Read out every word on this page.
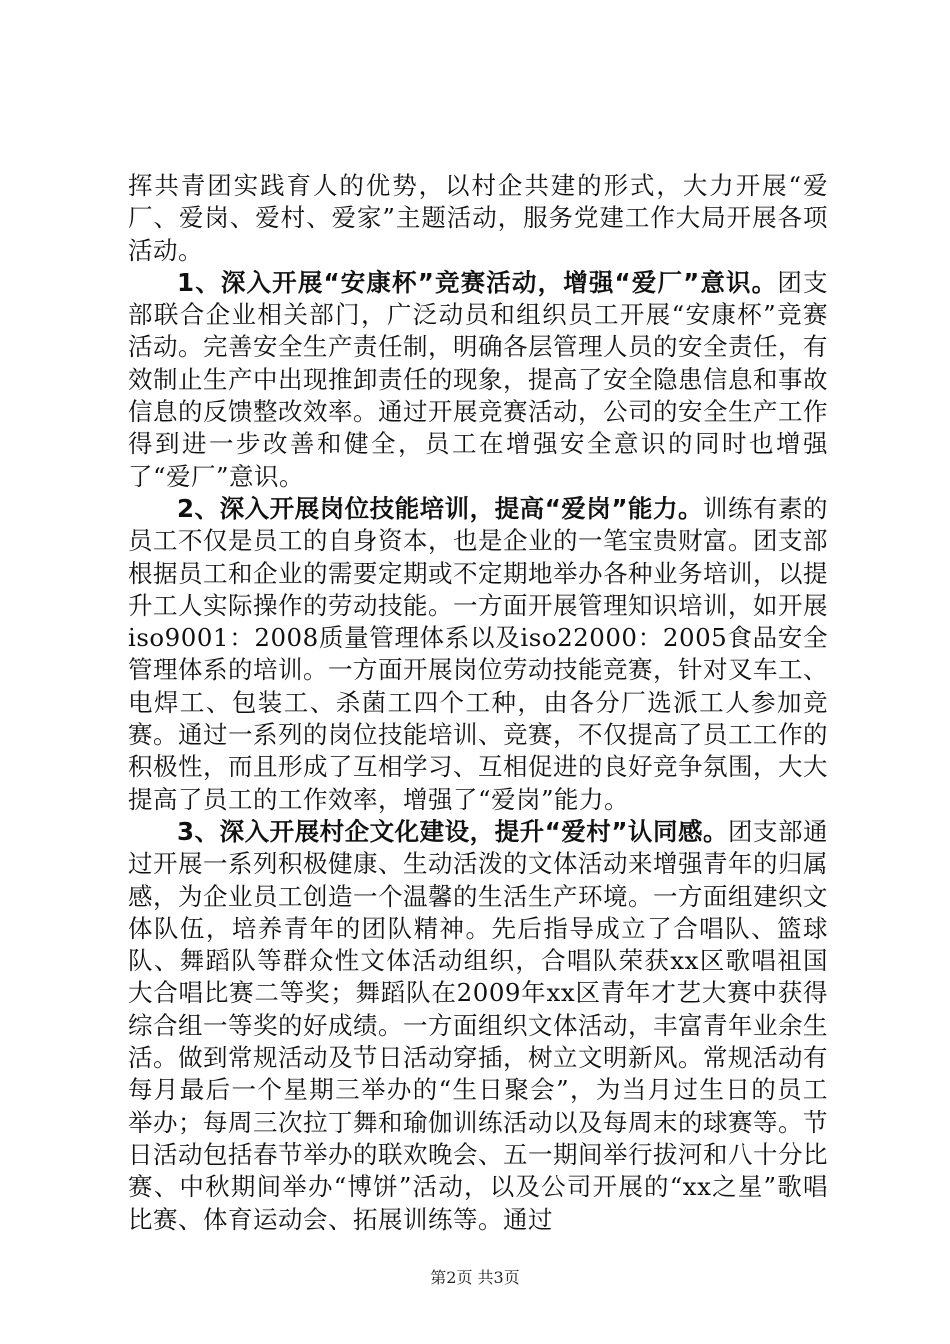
挥共青团实践育人的优势，以村企共建的形式，大力开展“爱厂、爱岗、爱村、爱家”主题活动，服务党建工作大局开展各项活动。

1、深入开展“安康杯”竞赛活动，增强“爱厂”意识。团支部联合企业相关部门，广泛动员和组织员工开展“安康杯”竞赛活动。完善安全生产责任制，明确各层管理人员的安全责任，有效制止生产中出现推卸责任的现象，提高了安全隐患信息和事故信息的反馈整改效率。通过开展竞赛活动，公司的安全生产工作得到进一步改善和健全，员工在增强安全意识的同时也增强了“爱厂”意识。

2、深入开展岗位技能培训，提高“爱岗”能力。训练有素的员工不仅是员工的自身资本，也是企业的一笔宝贵财富。团支部根据员工和企业的需要定期或不定期地举办各种业务培训，以提升工人实际操作的劳动技能。一方面开展管理知识培训，如开展iso9001：2008质量管理体系以及iso22000：2005食品安全管理体系的培训。一方面开展岗位劳动技能竞赛，针对叉车工、电焊工、包装工、杀菌工四个工种，由各分厂选派工人参加竞赛。通过一系列的岗位技能培训、竞赛，不仅提高了员工工作的积极性，而且形成了互相学习、互相促进的良好竞争氛围，大大提高了员工的工作效率，增强了“爱岗”能力。

3、深入开展村企文化建设，提升“爱村”认同感。团支部通过开展一系列积极健康、生动活泼的文体活动来增强青年的归属感，为企业员工创造一个温馨的生活生产环境。一方面组建织文体队伍，培养青年的团队精神。先后指导成立了合唱队、篮球队、舞蹈队等群众性文体活动组织，合唱队荣获xx区歌唱祖国大合唱比赛二等奖；舞蹈队在2009年xx区青年才艺大赛中获得综合组一等奖的好成绩。一方面组织文体活动，丰富青年业余生活。做到常规活动及节日活动穿插，树立文明新风。常规活动有每月最后一个星期三举办的“生日聚会”，为当月过生日的员工举办；每周三次拉丁舞和瑜伽训练活动以及每周末的球赛等。节日活动包括春节举办的联欢晚会、五一期间举行拔河和八十分比赛、中秋期间举办“博饼”活动，以及公司开展的“xx之星”歌唱比赛、体育运动会、拓展训练等。通过

第2页 共3页
